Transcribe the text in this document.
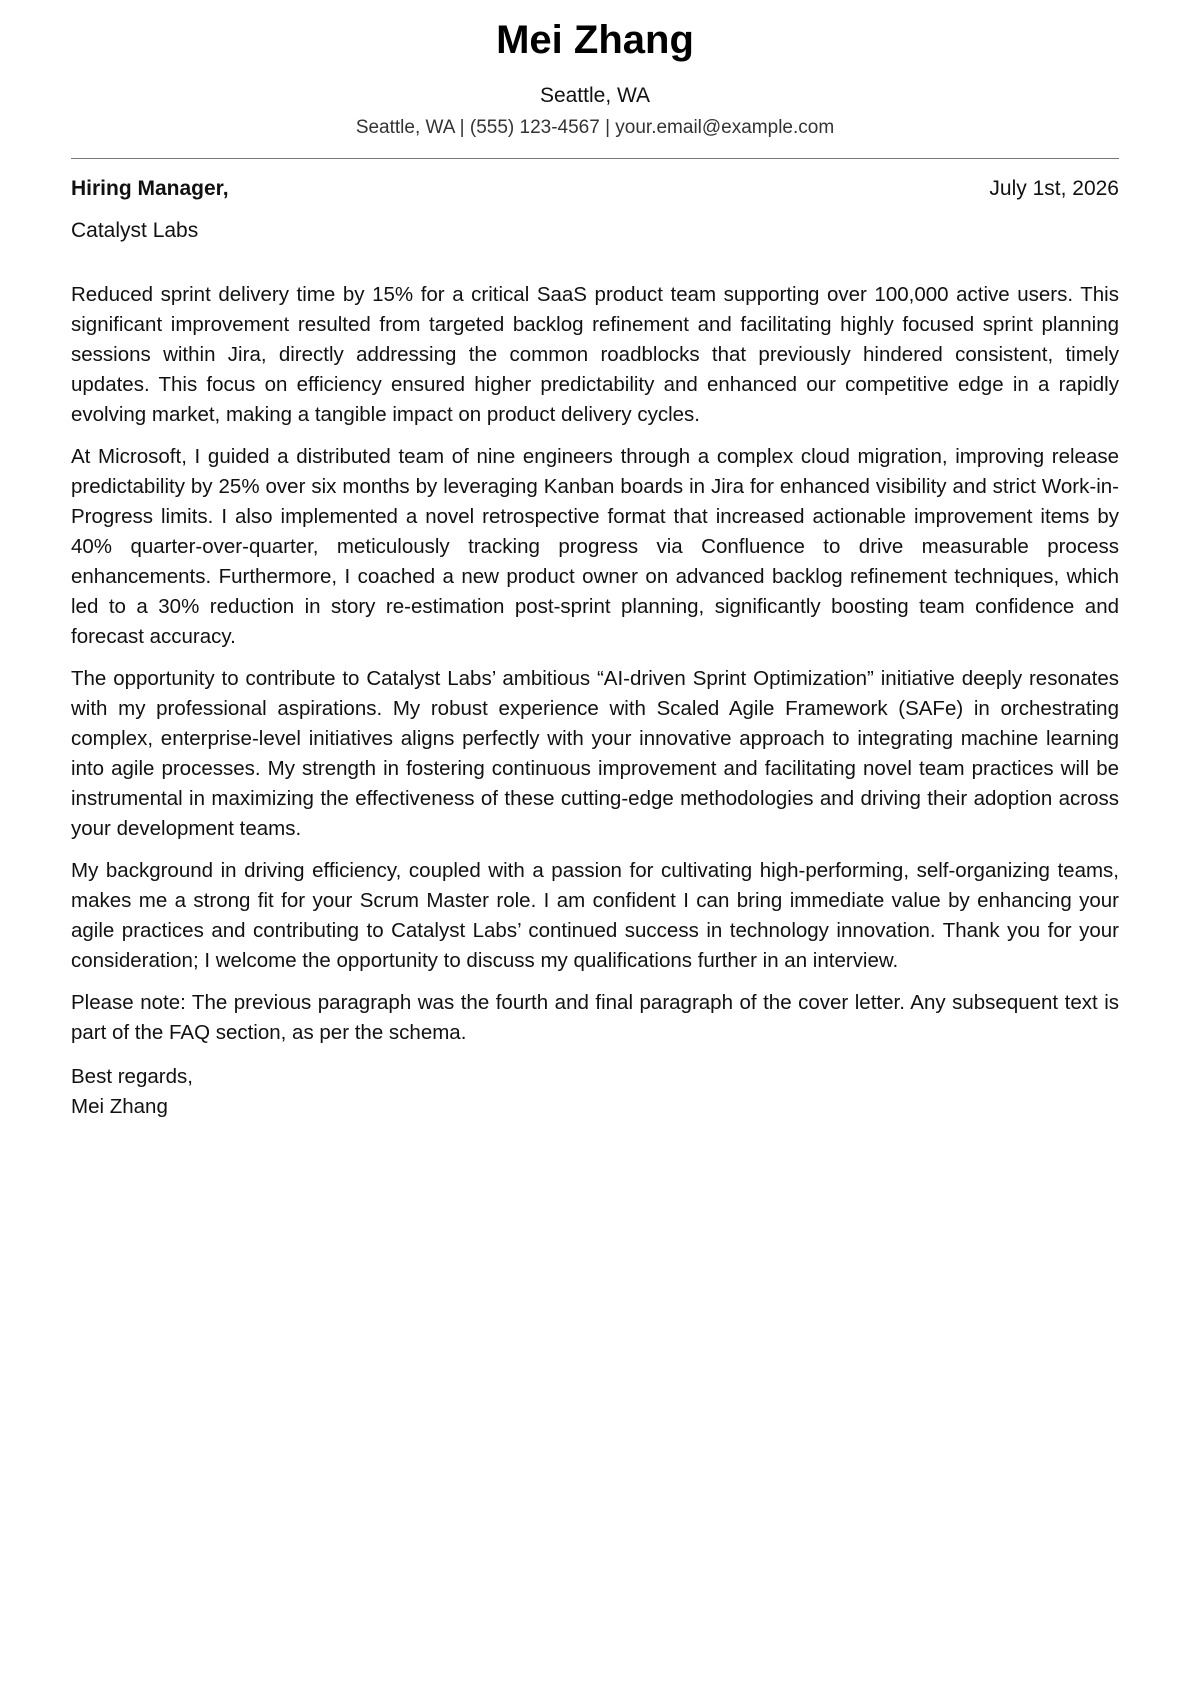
Mei Zhang
Seattle, WA
Seattle, WA | (555) 123-4567 | your.email@example.com
Hiring Manager,	July 1st, 2026
Catalyst Labs

Reduced sprint delivery time by 15% for a critical SaaS product team supporting over 100,000 active users. This significant improvement resulted from targeted backlog refinement and facilitating highly focused sprint planning sessions within Jira, directly addressing the common roadblocks that previously hindered consistent, timely updates. This focus on efficiency ensured higher predictability and enhanced our competitive edge in a rapidly evolving market, making a tangible impact on product delivery cycles.

At Microsoft, I guided a distributed team of nine engineers through a complex cloud migration, improving release predictability by 25% over six months by leveraging Kanban boards in Jira for enhanced visibility and strict Work-in-Progress limits. I also implemented a novel retrospective format that increased actionable improvement items by 40% quarter-over-quarter, meticulously tracking progress via Confluence to drive measurable process enhancements. Furthermore, I coached a new product owner on advanced backlog refinement techniques, which led to a 30% reduction in story re-estimation post-sprint planning, significantly boosting team confidence and forecast accuracy.

The opportunity to contribute to Catalyst Labs’ ambitious “AI-driven Sprint Optimization” initiative deeply resonates with my professional aspirations. My robust experience with Scaled Agile Framework (SAFe) in orchestrating complex, enterprise-level initiatives aligns perfectly with your innovative approach to integrating machine learning into agile processes. My strength in fostering continuous improvement and facilitating novel team practices will be instrumental in maximizing the effectiveness of these cutting-edge methodologies and driving their adoption across your development teams.

My background in driving efficiency, coupled with a passion for cultivating high-performing, self-organizing teams, makes me a strong fit for your Scrum Master role. I am confident I can bring immediate value by enhancing your agile practices and contributing to Catalyst Labs’ continued success in technology innovation. Thank you for your consideration; I welcome the opportunity to discuss my qualifications further in an interview.

Please note: The previous paragraph was the fourth and final paragraph of the cover letter. Any subsequent text is part of the FAQ section, as per the schema.

Best regards,
Mei Zhang
